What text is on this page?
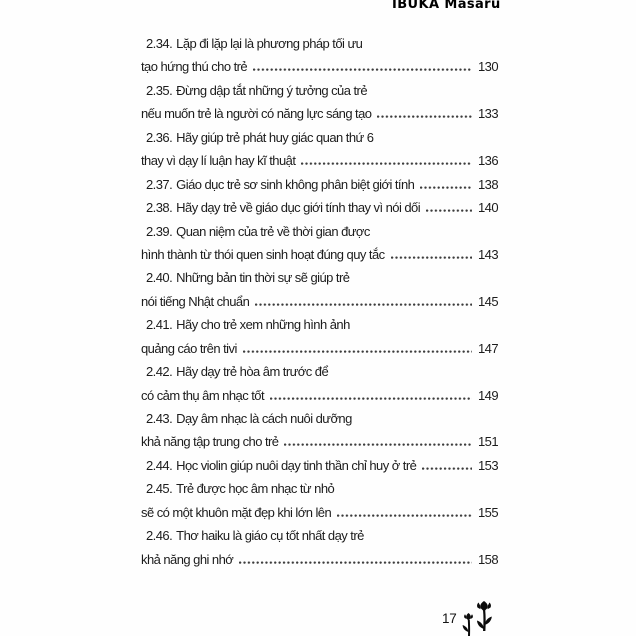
IBUKA Masaru
2.34. Lặp đi lặp lại là phương pháp tối ưu
tạo hứng thú cho trẻ	130
2.35. Đừng dập tắt những ý tưởng của trẻ
nếu muốn trẻ là người có năng lực sáng tạo	133
2.36. Hãy giúp trẻ phát huy giác quan thứ 6
thay vì dạy lí luận hay kĩ thuật	136
2.37. Giáo dục trẻ sơ sinh không phân biệt giới tính	138
2.38. Hãy dạy trẻ về giáo dục giới tính thay vì nói dối	140
2.39. Quan niệm của trẻ về thời gian được
hình thành từ thói quen sinh hoạt đúng quy tắc	143
2.40. Những bản tin thời sự sẽ giúp trẻ
nói tiếng Nhật chuẩn	145
2.41. Hãy cho trẻ xem những hình ảnh
quảng cáo trên tivi	147
2.42. Hãy dạy trẻ hòa âm trước để
có cảm thụ âm nhạc tốt	149
2.43. Dạy âm nhạc là cách nuôi dưỡng
khả năng tập trung cho trẻ	151
2.44. Học violin giúp nuôi dạy tinh thần chỉ huy ở trẻ	153
2.45. Trẻ được học âm nhạc từ nhỏ
sẽ có một khuôn mặt đẹp khi lớn lên	155
2.46. Thơ haiku là giáo cụ tốt nhất dạy trẻ
khả năng ghi nhớ	158
17
